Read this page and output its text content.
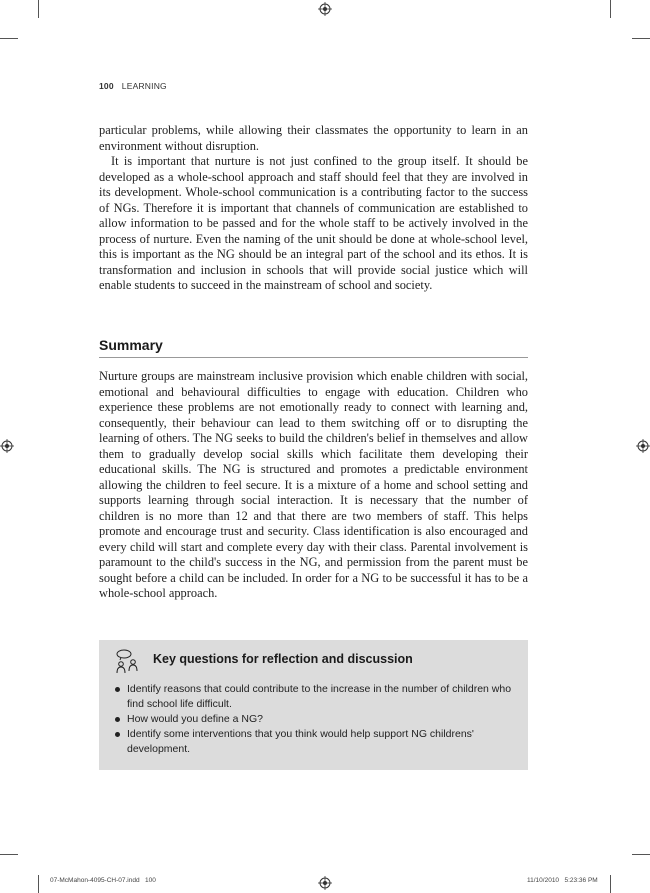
100 LEARNING

particular problems, while allowing their classmates the opportunity to learn in an environment without disruption.

It is important that nurture is not just confined to the group itself. It should be developed as a whole-school approach and staff should feel that they are involved in its development. Whole-school communication is a contributing factor to the success of NGs. Therefore it is important that channels of communication are established to allow information to be passed and for the whole staff to be actively involved in the process of nurture. Even the naming of the unit should be done at whole-school level, this is important as the NG should be an integral part of the school and its ethos. It is transformation and inclusion in schools that will provide social justice which will enable students to succeed in the mainstream of school and society.

Summary

Nurture groups are mainstream inclusive provision which enable children with social, emotional and behavioural difficulties to engage with education. Children who experience these problems are not emotionally ready to connect with learning and, consequently, their behaviour can lead to them switching off or to disrupting the learning of others. The NG seeks to build the children's belief in themselves and allow them to gradually develop social skills which facilitate them developing their educational skills. The NG is structured and promotes a predictable environment allowing the children to feel secure. It is a mixture of a home and school setting and supports learning through social interaction. It is necessary that the number of children is no more than 12 and that there are two members of staff. This helps promote and encourage trust and security. Class identification is also encouraged and every child will start and complete every day with their class. Parental involvement is paramount to the child's success in the NG, and permission from the parent must be sought before a child can be included. In order for a NG to be successful it has to be a whole-school approach.

Key questions for reflection and discussion
Identify reasons that could contribute to the increase in the number of children who find school life difficult.
How would you define a NG?
Identify some interventions that you think would help support NG childrens' development.
07-McMahon-4095-CH-07.indd   100	11/10/2010   5:23:36 PM
